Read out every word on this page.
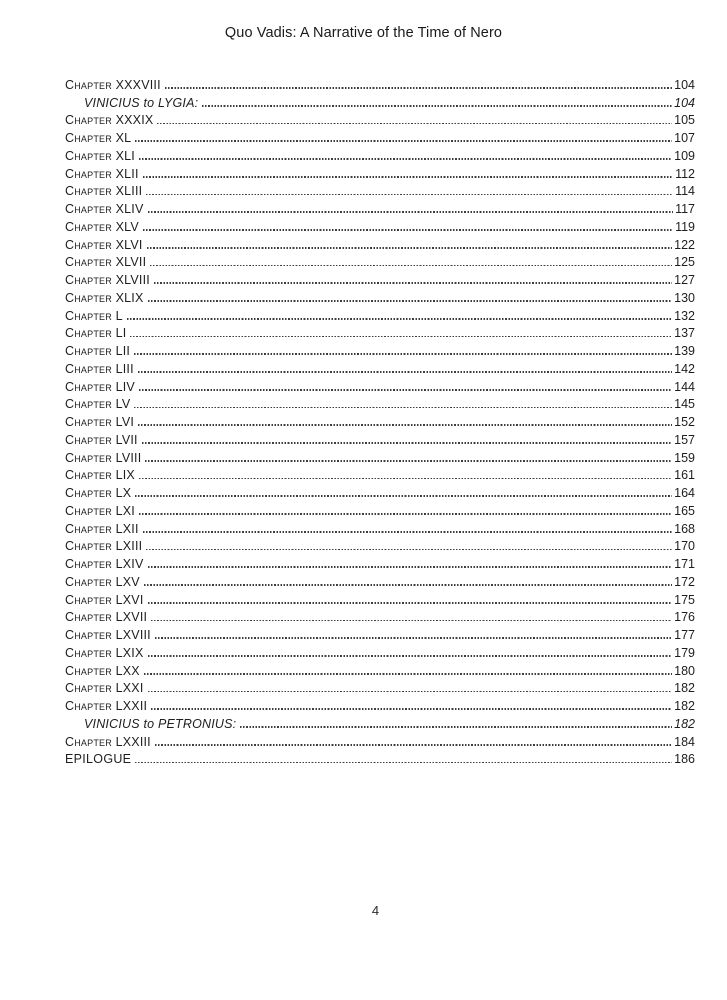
Quo Vadis: A Narrative of the Time of Nero
Chapter XXXVIII	104
VINICIUS to LYGIA:	104
Chapter XXXIX	105
Chapter XL	107
Chapter XLI	109
Chapter XLII	112
Chapter XLIII	114
Chapter XLIV	117
Chapter XLV	119
Chapter XLVI	122
Chapter XLVII	125
Chapter XLVIII	127
Chapter XLIX	130
Chapter L	132
Chapter LI	137
Chapter LII	139
Chapter LIII	142
Chapter LIV	144
Chapter LV	145
Chapter LVI	152
Chapter LVII	157
Chapter LVIII	159
Chapter LIX	161
Chapter LX	164
Chapter LXI	165
Chapter LXII	168
Chapter LXIII	170
Chapter LXIV	171
Chapter LXV	172
Chapter LXVI	175
Chapter LXVII	176
Chapter LXVIII	177
Chapter LXIX	179
Chapter LXX	180
Chapter LXXI	182
Chapter LXXII	182
VINICIUS to PETRONIUS:	182
Chapter LXXIII	184
EPILOGUE	186
4
